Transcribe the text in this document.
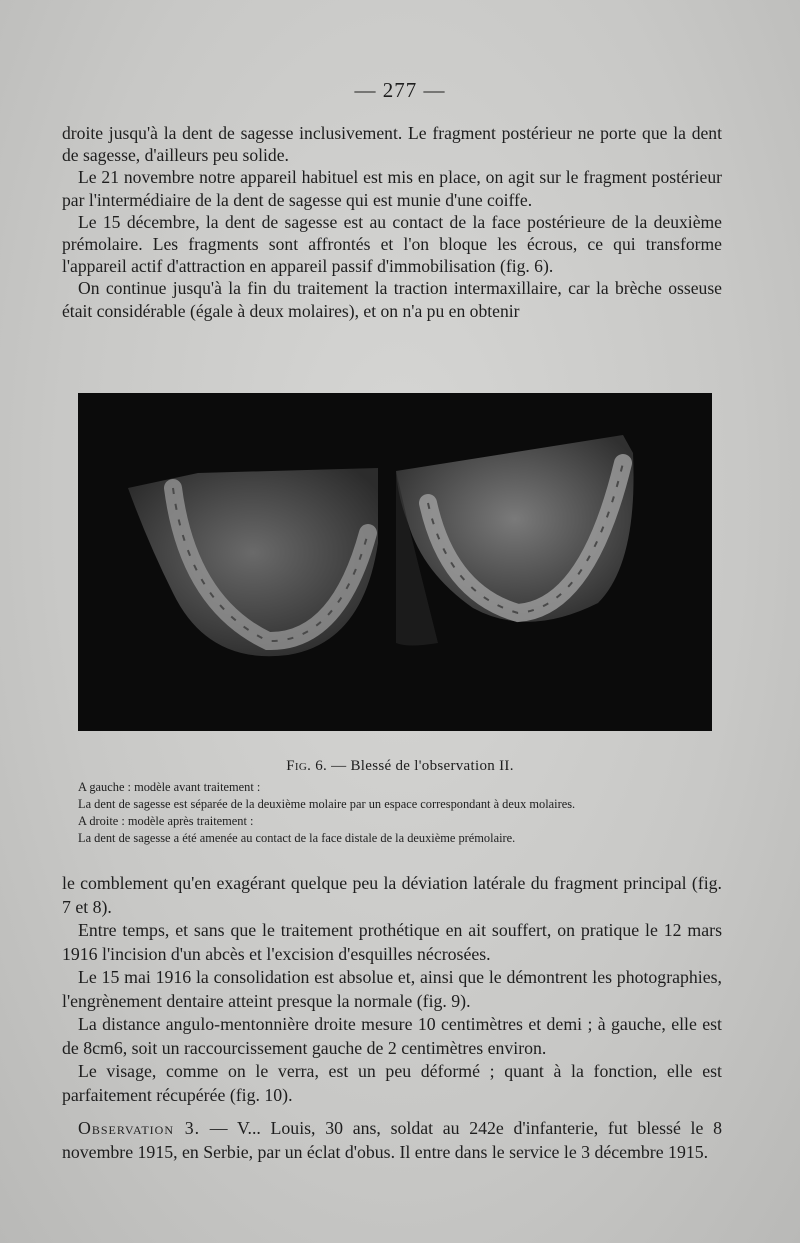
— 277 —

droite jusqu'à la dent de sagesse inclusivement. Le fragment postérieur ne porte que la dent de sagesse, d'ailleurs peu solide.

Le 21 novembre notre appareil habituel est mis en place, on agit sur le fragment postérieur par l'intermédiaire de la dent de sagesse qui est munie d'une coiffe.

Le 15 décembre, la dent de sagesse est au contact de la face postérieure de la deuxième prémolaire. Les fragments sont affrontés et l'on bloque les écrous, ce qui transforme l'appareil actif d'attraction en appareil passif d'immobilisation (fig. 6).

On continue jusqu'à la fin du traitement la traction intermaxillaire, car la brèche osseuse était considérable (égale à deux molaires), et on n'a pu en obtenir

Fig. 6. — Blessé de l'observation II.

A gauche : modèle avant traitement :

La dent de sagesse est séparée de la deuxième molaire par un espace correspondant à deux molaires.

A droite : modèle après traitement :

La dent de sagesse a été amenée au contact de la face distale de la deuxième prémolaire.

le comblement qu'en exagérant quelque peu la déviation latérale du fragment principal (fig. 7 et 8).

Entre temps, et sans que le traitement prothétique en ait souffert, on pratique le 12 mars 1916 l'incision d'un abcès et l'excision d'esquilles nécrosées.

Le 15 mai 1916 la consolidation est absolue et, ainsi que le démontrent les photographies, l'engrènement dentaire atteint presque la normale (fig. 9).

La distance angulo-mentonnière droite mesure 10 centimètres et demi ; à gauche, elle est de 8cm6, soit un raccourcissement gauche de 2 centimètres environ.

Le visage, comme on le verra, est un peu déformé ; quant à la fonction, elle est parfaitement récupérée (fig. 10).

Observation 3. — V... Louis, 30 ans, soldat au 242e d'infanterie, fut blessé le 8 novembre 1915, en Serbie, par un éclat d'obus. Il entre dans le service le 3 décembre 1915.
